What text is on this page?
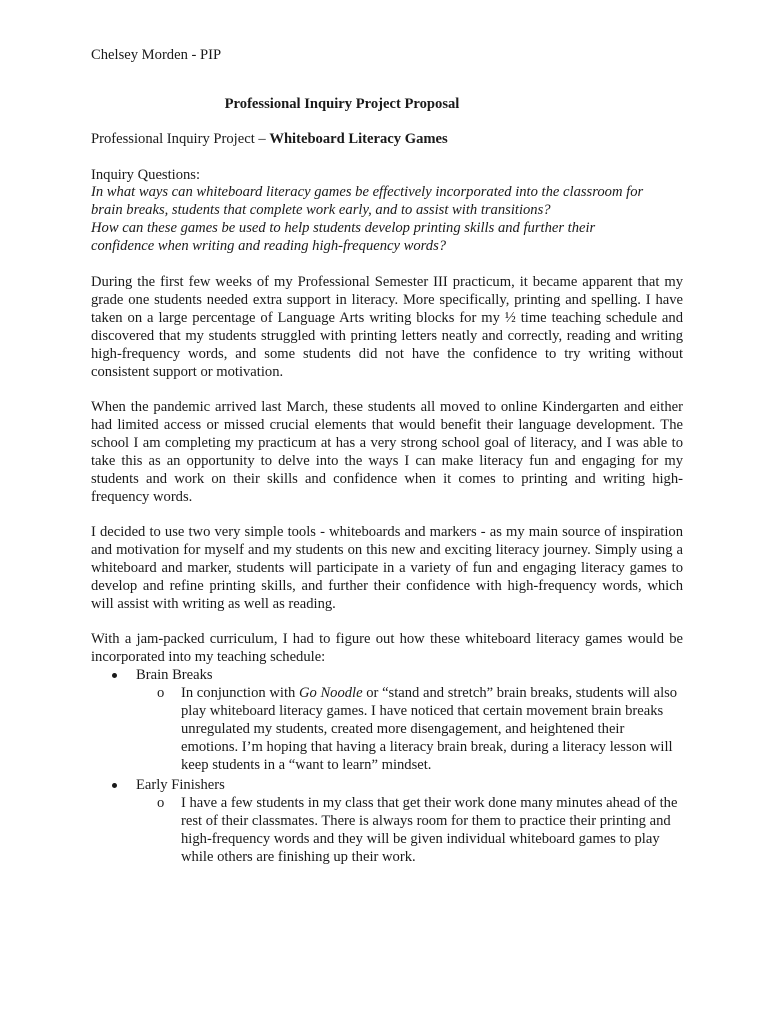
Chelsey Morden - PIP
Professional Inquiry Project Proposal
Professional Inquiry Project – Whiteboard Literacy Games
Inquiry Questions:
In what ways can whiteboard literacy games be effectively incorporated into the classroom for
brain breaks, students that complete work early, and to assist with transitions?
How can these games be used to help students develop printing skills and further their
confidence when writing and reading high-frequency words?
During the first few weeks of my Professional Semester III practicum, it became apparent that my grade one students needed extra support in literacy. More specifically, printing and spelling. I have taken on a large percentage of Language Arts writing blocks for my ½ time teaching schedule and discovered that my students struggled with printing letters neatly and correctly, reading and writing high-frequency words, and some students did not have the confidence to try writing without consistent support or motivation.
When the pandemic arrived last March, these students all moved to online Kindergarten and either had limited access or missed crucial elements that would benefit their language development. The school I am completing my practicum at has a very strong school goal of literacy, and I was able to take this as an opportunity to delve into the ways I can make literacy fun and engaging for my students and work on their skills and confidence when it comes to printing and writing high-frequency words.
I decided to use two very simple tools - whiteboards and markers - as my main source of inspiration and motivation for myself and my students on this new and exciting literacy journey. Simply using a whiteboard and marker, students will participate in a variety of fun and engaging literacy games to develop and refine printing skills, and further their confidence with high-frequency words, which will assist with writing as well as reading.
With a jam-packed curriculum, I had to figure out how these whiteboard literacy games would be incorporated into my teaching schedule:
Brain Breaks
o In conjunction with Go Noodle or “stand and stretch” brain breaks, students will also play whiteboard literacy games. I have noticed that certain movement brain breaks unregulated my students, created more disengagement, and heightened their emotions. I’m hoping that having a literacy brain break, during a literacy lesson will keep students in a “want to learn” mindset.
Early Finishers
o I have a few students in my class that get their work done many minutes ahead of the rest of their classmates. There is always room for them to practice their printing and high-frequency words and they will be given individual whiteboard games to play while others are finishing up their work.
